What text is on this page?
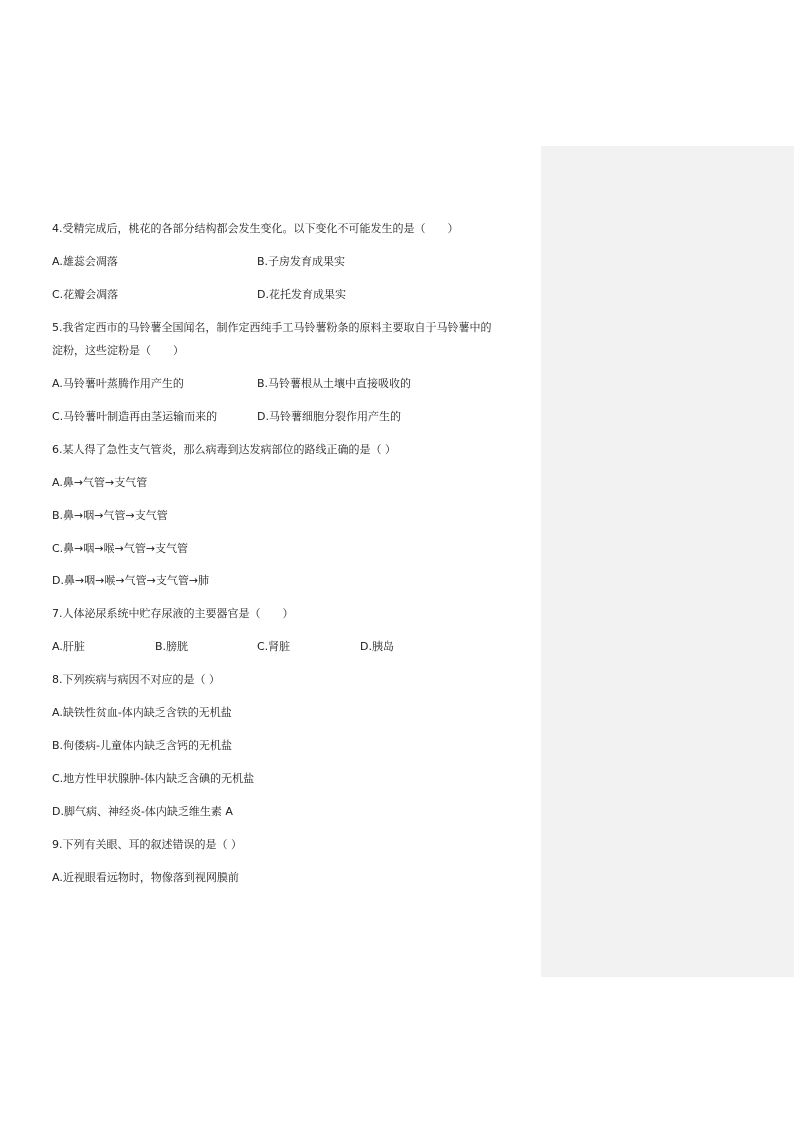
4.受精完成后，桃花的各部分结构都会发生变化。以下变化不可能发生的是（　　）
A.雄蕊会凋落	B.子房发育成果实
C.花瓣会凋落	D.花托发育成果实
5.我省定西市的马铃薯全国闻名，制作定西纯手工马铃薯粉条的原料主要取自于马铃薯中的
淀粉，这些淀粉是（　　）
A.马铃薯叶蒸腾作用产生的	B.马铃薯根从土壤中直接吸收的
C.马铃薯叶制造再由茎运输而来的	D.马铃薯细胞分裂作用产生的
6.某人得了急性支气管炎，那么病毒到达发病部位的路线正确的是（ ）
A.鼻→气管→支气管
B.鼻→咽→气管→支气管
C.鼻→咽→喉→气管→支气管
D.鼻→咽→喉→气管→支气管→肺
7.人体泌尿系统中贮存尿液的主要器官是（　　）
A.肝脏	B.膀胱	C.肾脏	D.胰岛
8.下列疾病与病因不对应的是（ ）
A.缺铁性贫血-体内缺乏含铁的无机盐
B.佝偻病-儿童体内缺乏含钙的无机盐
C.地方性甲状腺肿-体内缺乏含碘的无机盐
D.脚气病、神经炎-体内缺乏维生素 A
9.下列有关眼、耳的叙述错误的是（ ）
A.近视眼看远物时，物像落到视网膜前
